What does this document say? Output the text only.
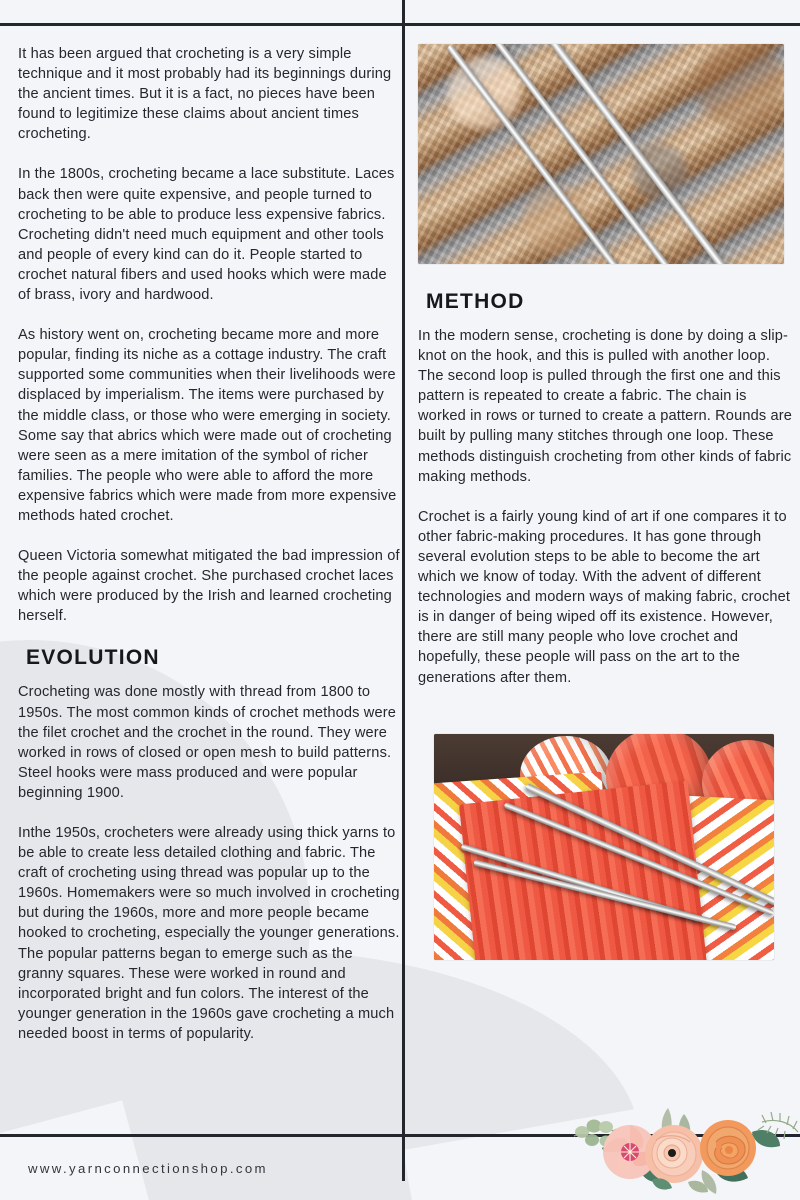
It has been argued that crocheting is a very simple technique and it most probably had its beginnings during the ancient times. But it is a fact, no pieces have been found to legitimize these claims about ancient times crocheting.

In the 1800s, crocheting became a lace substitute. Laces back then were quite expensive, and people turned to crocheting to be able to produce less expensive fabrics. Crocheting didn't need much equipment and other tools and people of every kind can do it. People started to crochet natural fibers and used hooks which were made of brass, ivory and hardwood.

As history went on, crocheting became more and more popular, finding its niche as a cottage industry. The craft supported some communities when their livelihoods were displaced by imperialism. The items were purchased by the middle class, or those who were emerging in society. Some say that abrics which were made out of crocheting were seen as a mere imitation of the symbol of richer families. The people who were able to afford the more expensive fabrics which were made from more expensive methods hated crochet.

Queen Victoria somewhat mitigated the bad impression of the people against crochet. She purchased crochet laces which were produced by the Irish and learned crocheting herself.

EVOLUTION

Crocheting was done mostly with thread from 1800 to 1950s. The most common kinds of crochet methods were the filet crochet and the crochet in the round. They were worked in rows of closed or open mesh to build patterns. Steel hooks were mass produced and were popular beginning 1900.

Inthe 1950s, crocheters were already using thick yarns to be able to create less detailed clothing and fabric. The craft of crocheting using thread was popular up to the 1960s. Homemakers were so much involved in crocheting but during the 1960s, more and more people became hooked to crocheting, especially the younger generations. The popular patterns began to emerge such as the granny squares. These were worked in round and incorporated bright and fun colors. The interest of the younger generation in the 1960s gave crocheting a much needed boost in terms of popularity.

METHOD

In the modern sense, crocheting is done by doing a slip-knot on the hook, and this is pulled with another loop. The second loop is pulled through the first one and this pattern is repeated to create a fabric. The chain is worked in rows or turned to create a pattern. Rounds are built by pulling many stitches through one loop. These methods distinguish crocheting from other kinds of fabric making methods.

Crochet is a fairly young kind of art if one compares it to other fabric-making procedures. It has gone through several evolution steps to be able to become the art which we know of today. With the advent of different technologies and modern ways of making fabric, crochet is in danger of being wiped off its existence. However, there are still many people who love crochet and hopefully, these people will pass on the art to the generations after them.

www.yarnconnectionshop.com
